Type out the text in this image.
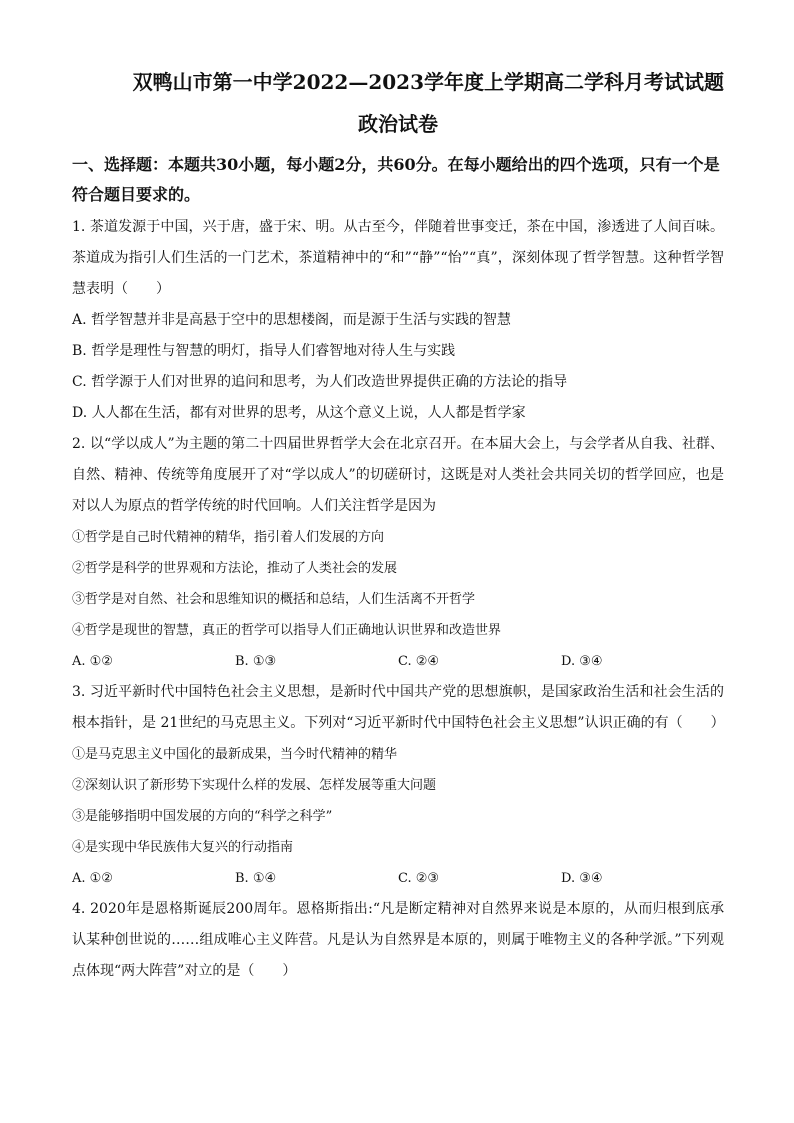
双鸭山市第一中学2022—2023学年度上学期高二学科月考试试题
政治试卷

一、选择题：本题共30小题，每小题2分，共60分。在每小题给出的四个选项，只有一个是符合题目要求的。

1. 茶道发源于中国，兴于唐，盛于宋、明。从古至今，伴随着世事变迁，茶在中国，渗透进了人间百味。茶道成为指引人们生活的一门艺术，茶道精神中的“和”“静”“怡”“真”，深刻体现了哲学智慧。这种哲学智慧表明（　　）

A. 哲学智慧并非是高悬于空中的思想楼阁，而是源于生活与实践的智慧

B. 哲学是理性与智慧的明灯，指导人们睿智地对待人生与实践

C. 哲学源于人们对世界的追问和思考，为人们改造世界提供正确的方法论的指导

D. 人人都在生活，都有对世界的思考，从这个意义上说，人人都是哲学家

2. 以“学以成人”为主题的第二十四届世界哲学大会在北京召开。在本届大会上，与会学者从自我、社群、自然、精神、传统等角度展开了对“学以成人”的切磋研讨，这既是对人类社会共同关切的哲学回应，也是对以人为原点的哲学传统的时代回响。人们关注哲学是因为

①哲学是自己时代精神的精华，指引着人们发展的方向

②哲学是科学的世界观和方法论，推动了人类社会的发展

③哲学是对自然、社会和思维知识的概括和总结，人们生活离不开哲学

④哲学是现世的智慧，真正的哲学可以指导人们正确地认识世界和改造世界

A. ①②	B. ①③	C. ②④	D. ③④

3. 习近平新时代中国特色社会主义思想，是新时代中国共产党的思想旗帜，是国家政治生活和社会生活的根本指针，是 21世纪的马克思主义。下列对“习近平新时代中国特色社会主义思想”认识正确的有（　　）

①是马克思主义中国化的最新成果，当今时代精神的精华

②深刻认识了新形势下实现什么样的发展、怎样发展等重大问题

③是能够指明中国发展的方向的“科学之科学”

④是实现中华民族伟大复兴的行动指南

A. ①②	B. ①④	C. ②③	D. ③④

4. 2020年是恩格斯诞辰200周年。恩格斯指出:“凡是断定精神对自然界来说是本原的，从而归根到底承认某种创世说的……组成唯心主义阵营。凡是认为自然界是本原的，则属于唯物主义的各种学派。”下列观点体现“两大阵营”对立的是（　　）
